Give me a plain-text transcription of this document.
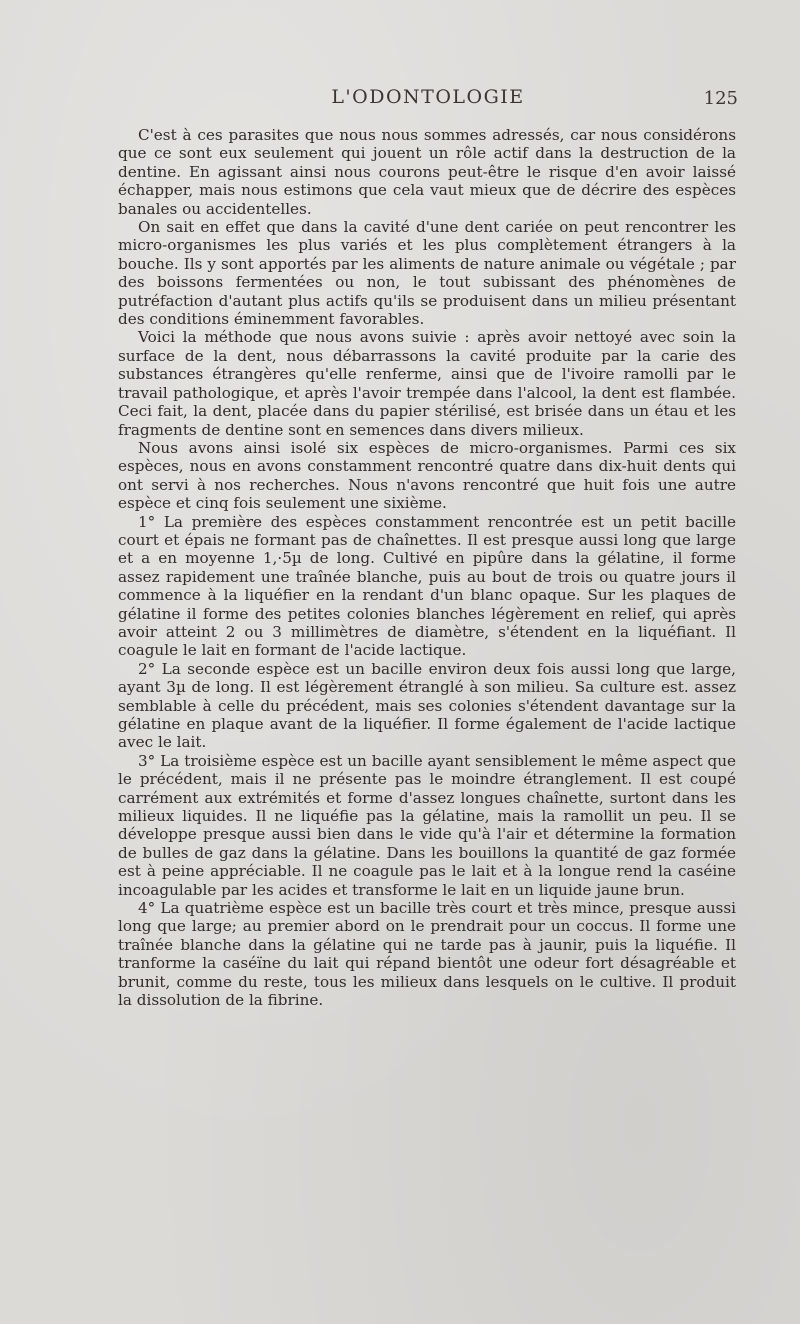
L'ODONTOLOGIE	125

C'est à ces parasites que nous nous sommes adressés, car nous considérons que ce sont eux seulement qui jouent un rôle actif dans la destruction de la dentine. En agissant ainsi nous courons peut-être le risque d'en avoir laissé échapper, mais nous estimons que cela vaut mieux que de décrire des espèces banales ou accidentelles.

On sait en effet que dans la cavité d'une dent cariée on peut rencontrer les micro-organismes les plus variés et les plus complètement étrangers à la bouche. Ils y sont apportés par les aliments de nature animale ou végétale ; par des boissons fermentées ou non, le tout subissant des phénomènes de putréfaction d'autant plus actifs qu'ils se produisent dans un milieu présentant des conditions éminemment favorables.

Voici la méthode que nous avons suivie : après avoir nettoyé avec soin la surface de la dent, nous débarrassons la cavité produite par la carie des substances étrangères qu'elle renferme, ainsi que de l'ivoire ramolli par le travail pathologique, et après l'avoir trempée dans l'alcool, la dent est flambée. Ceci fait, la dent, placée dans du papier stérilisé, est brisée dans un étau et les fragments de dentine sont en semences dans divers milieux.

Nous avons ainsi isolé six espèces de micro-organismes. Parmi ces six espèces, nous en avons constamment rencontré quatre dans dix-huit dents qui ont servi à nos recherches. Nous n'avons rencontré que huit fois une autre espèce et cinq fois seulement une sixième.

1° La première des espèces constamment rencontrée est un petit bacille court et épais ne formant pas de chaînettes. Il est presque aussi long que large et a en moyenne 1,·5µ de long. Cultivé en pipûre dans la gélatine, il forme assez rapidement une traînée blanche, puis au bout de trois ou quatre jours il commence à la liquéfier en la rendant d'un blanc opaque. Sur les plaques de gélatine il forme des petites colonies blanches légèrement en relief, qui après avoir atteint 2 ou 3 millimètres de diamètre, s'étendent en la liquéfiant. Il coagule le lait en formant de l'acide lactique.

2° La seconde espèce est un bacille environ deux fois aussi long que large, ayant 3µ de long. Il est légèrement étranglé à son milieu. Sa culture est. assez semblable à celle du précédent, mais ses colonies s'étendent davantage sur la gélatine en plaque avant de la liquéfier. Il forme également de l'acide lactique avec le lait.

3° La troisième espèce est un bacille ayant sensiblement le même aspect que le précédent, mais il ne présente pas le moindre étranglement. Il est coupé carrément aux extrémités et forme d'assez longues chaînette, surtont dans les milieux liquides. Il ne liquéfie pas la gélatine, mais la ramollit un peu. Il se développe presque aussi bien dans le vide qu'à l'air et détermine la formation de bulles de gaz dans la gélatine. Dans les bouillons la quantité de gaz formée est à peine appréciable. Il ne coagule pas le lait et à la longue rend la caséine incoagulable par les acides et transforme le lait en un liquide jaune brun.

4° La quatrième espèce est un bacille très court et très mince, presque aussi long que large; au premier abord on le prendrait pour un coccus. Il forme une traînée blanche dans la gélatine qui ne tarde pas à jaunir, puis la liquéfie. Il tranforme la caséïne du lait qui répand bientôt une odeur fort désagréable et brunit, comme du reste, tous les milieux dans lesquels on le cultive. Il produit la dissolution de la fibrine.
